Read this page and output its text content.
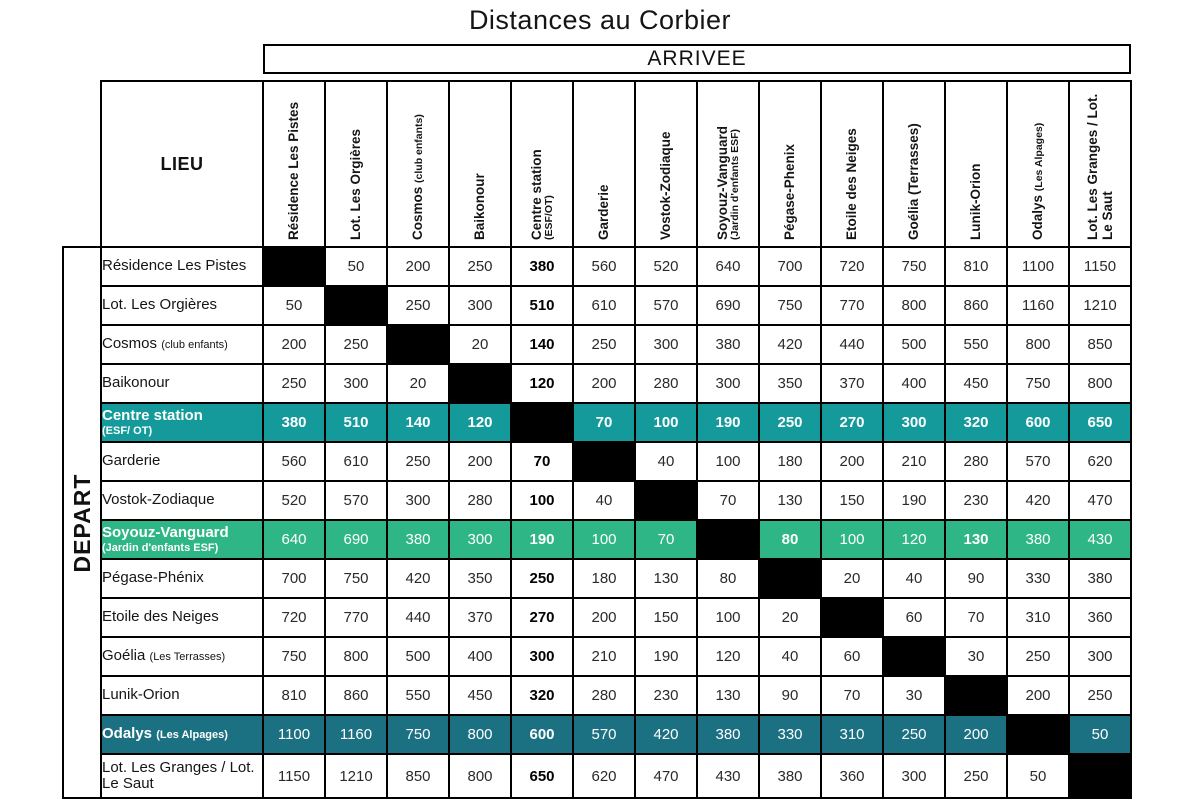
Distances au Corbier

ARRIVEE													

	LIEU	Résidence Les Pistes	Lot. Les Orgières	Cosmos (club enfants)	Baikonour	Centre station (ESF/OT)	Garderie	Vostok-Zodiaque	Soyouz-Vanguard (Jardin d'enfants ESF)	Pégase-Phenix	Etoile des Neiges	Goélia (Terrasses)	Lunik-Orion	Odalys (Les Alpages)	Lot. Les Granges / Lot. Le Saut

DEPART	Résidence Les Pistes		50	200	250	380	560	520	640	700	720	750	810	1100	1150
	Lot. Les Orgières	50		250	300	510	610	570	690	750	770	800	860	1160	1210
	Cosmos (club enfants)	200	250		20	140	250	300	380	420	440	500	550	800	850
	Baikonour	250	300	20		120	200	280	300	350	370	400	450	750	800
	Centre station
(ESF/ OT)	380	510	140	120		70	100	190	250	270	300	320	600	650
	Garderie	560	610	250	200	70		40	100	180	200	210	280	570	620
	Vostok-Zodiaque	520	570	300	280	100	40		70	130	150	190	230	420	470
	Soyouz-Vanguard
(Jardin d'enfants ESF)	640	690	380	300	190	100	70		80	100	120	130	380	430
	Pégase-Phénix	700	750	420	350	250	180	130	80		20	40	90	330	380
	Etoile des Neiges	720	770	440	370	270	200	150	100	20		60	70	310	360
	Goélia (Les Terrasses)	750	800	500	400	300	210	190	120	40	60		30	250	300
	Lunik-Orion	810	860	550	450	320	280	230	130	90	70	30		200	250
	Odalys (Les Alpages)	1100	1160	750	800	600	570	420	380	330	310	250	200		50
	Lot. Les Granges / Lot. Le Saut	1150	1210	850	800	650	620	470	430	380	360	300	250	50	
